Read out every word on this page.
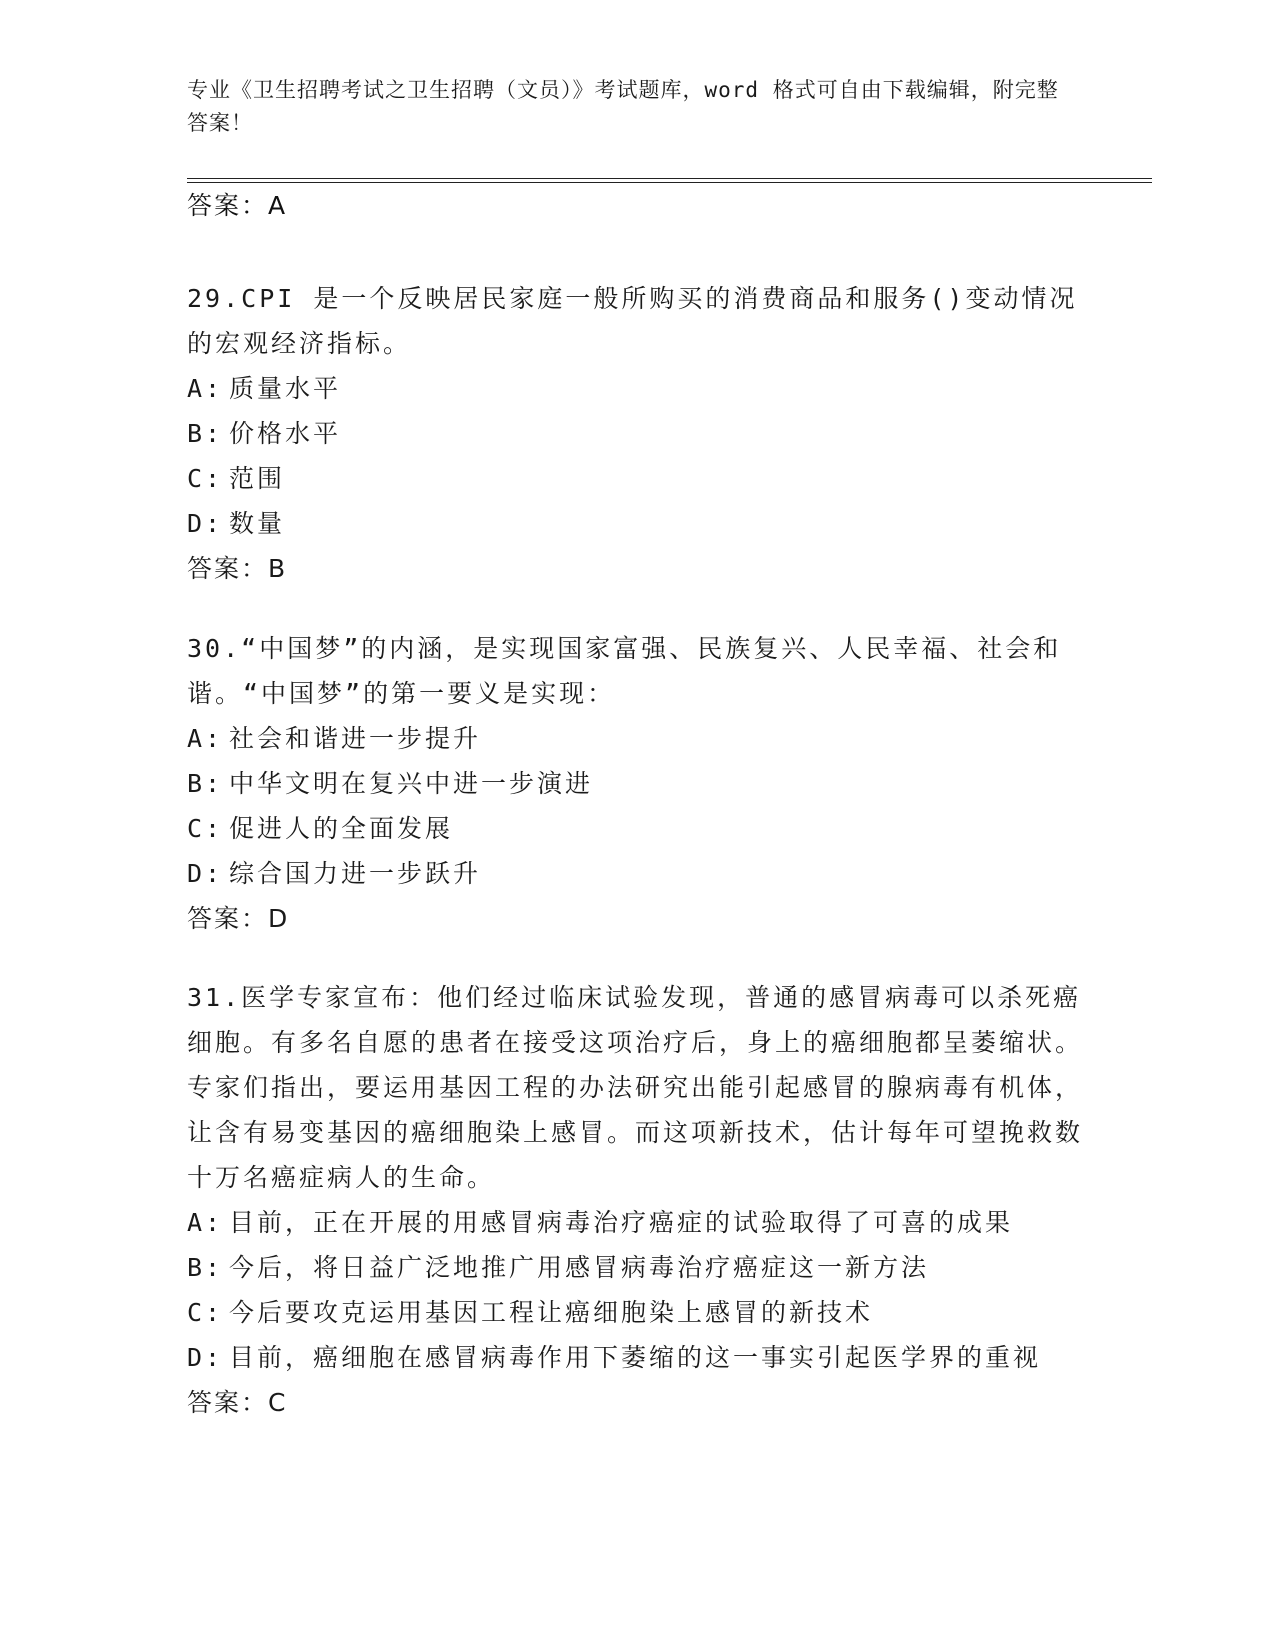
专业《卫生招聘考试之卫生招聘（文员）》考试题库，word 格式可自由下载编辑，附完整答案！
答案：A

29.CPI 是一个反映居民家庭一般所购买的消费商品和服务()变动情况的宏观经济指标。

A: 质量水平

B: 价格水平

C: 范围

D: 数量

答案：B

30.“中国梦”的内涵，是实现国家富强、民族复兴、人民幸福、社会和谐。“中国梦”的第一要义是实现：

A: 社会和谐进一步提升

B: 中华文明在复兴中进一步演进

C: 促进人的全面发展

D: 综合国力进一步跃升

答案：D

31.医学专家宣布：他们经过临床试验发现，普通的感冒病毒可以杀死癌细胞。有多名自愿的患者在接受这项治疗后，身上的癌细胞都呈萎缩状。专家们指出，要运用基因工程的办法研究出能引起感冒的腺病毒有机体，让含有易变基因的癌细胞染上感冒。而这项新技术，估计每年可望挽救数十万名癌症病人的生命。

A: 目前，正在开展的用感冒病毒治疗癌症的试验取得了可喜的成果

B: 今后，将日益广泛地推广用感冒病毒治疗癌症这一新方法

C: 今后要攻克运用基因工程让癌细胞染上感冒的新技术

D: 目前，癌细胞在感冒病毒作用下萎缩的这一事实引起医学界的重视

答案：C
